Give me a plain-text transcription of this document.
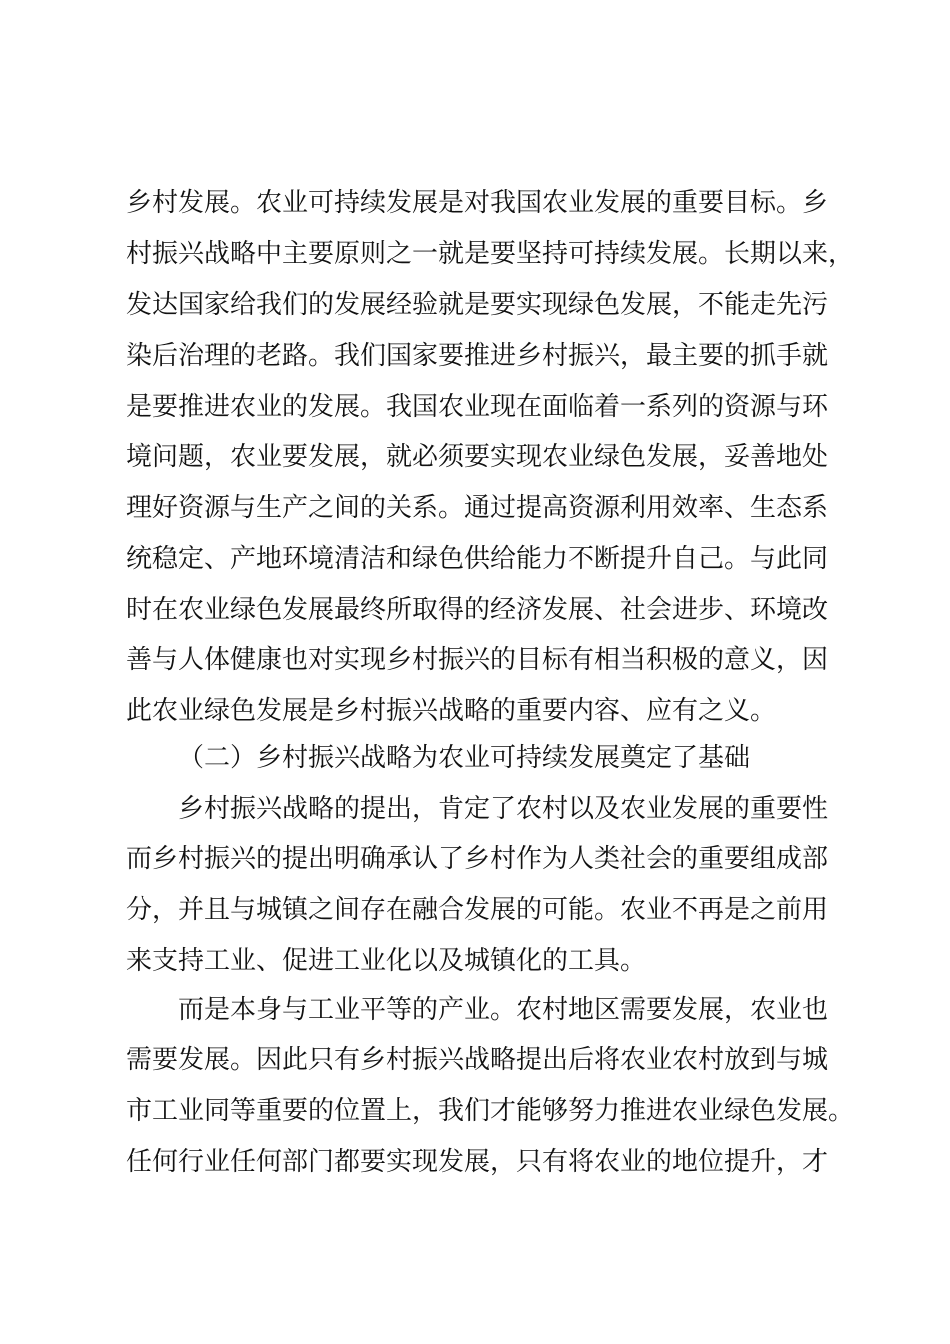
乡村发展。农业可持续发展是对我国农业发展的重要目标。乡
村振兴战略中主要原则之一就是要坚持可持续发展。长期以来，
发达国家给我们的发展经验就是要实现绿色发展，不能走先污
染后治理的老路。我们国家要推进乡村振兴，最主要的抓手就
是要推进农业的发展。我国农业现在面临着一系列的资源与环
境问题，农业要发展，就必须要实现农业绿色发展，妥善地处
理好资源与生产之间的关系。通过提高资源利用效率、生态系
统稳定、产地环境清洁和绿色供给能力不断提升自己。与此同
时在农业绿色发展最终所取得的经济发展、社会进步、环境改
善与人体健康也对实现乡村振兴的目标有相当积极的意义，因
此农业绿色发展是乡村振兴战略的重要内容、应有之义。
（二）乡村振兴战略为农业可持续发展奠定了基础
乡村振兴战略的提出，肯定了农村以及农业发展的重要性
而乡村振兴的提出明确承认了乡村作为人类社会的重要组成部
分，并且与城镇之间存在融合发展的可能。农业不再是之前用
来支持工业、促进工业化以及城镇化的工具。
而是本身与工业平等的产业。农村地区需要发展，农业也
需要发展。因此只有乡村振兴战略提出后将农业农村放到与城
市工业同等重要的位置上，我们才能够努力推进农业绿色发展。
任何行业任何部门都要实现发展，只有将农业的地位提升，才
